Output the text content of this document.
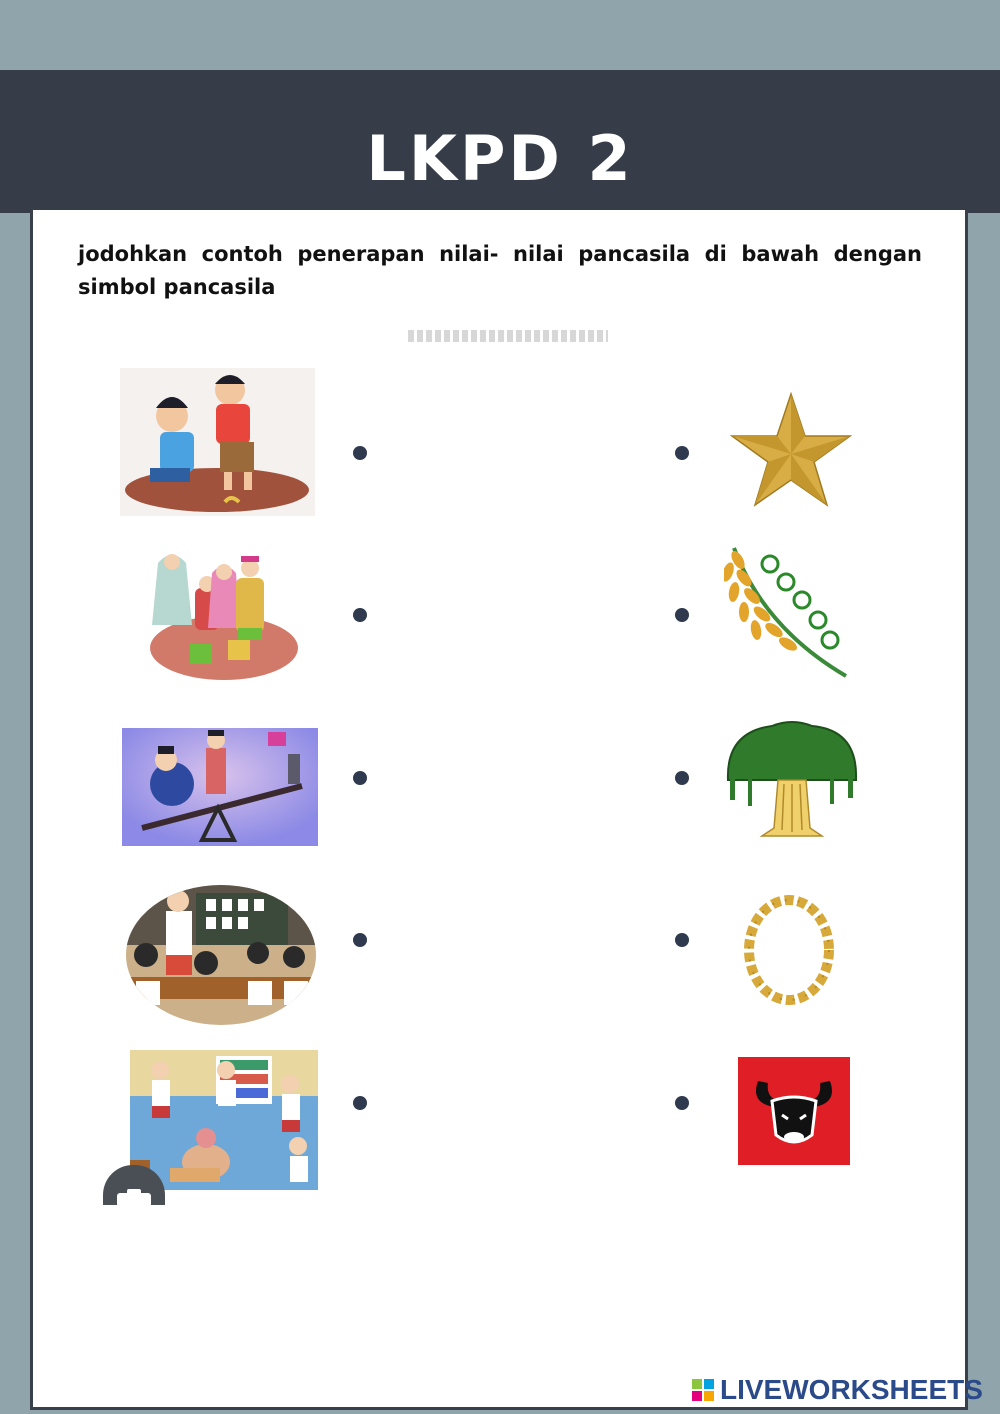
LKPD 2
jodohkan contoh penerapan nilai- nilai pancasila di bawah dengan simbol pancasila
LIVEWORKSHEETS
